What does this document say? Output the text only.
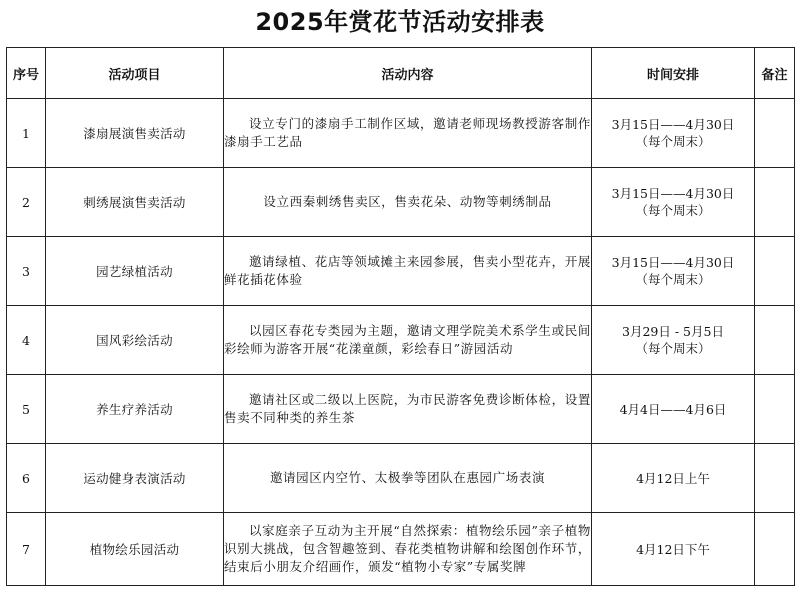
2025年赏花节活动安排表
序号	活动项目	活动内容	时间安排	备注
1	漆扇展演售卖活动	设立专门的漆扇手工制作区域，邀请老师现场教授游客制作漆扇手工艺品	3月15日——4月30日
（每个周末）	

2	刺绣展演售卖活动	设立西秦刺绣售卖区，售卖花朵、动物等刺绣制品	3月15日——4月30日
（每个周末）	

3	园艺绿植活动	邀请绿植、花店等领域摊主来园参展，售卖小型花卉，开展鲜花插花体验	3月15日——4月30日
（每个周末）	

4	国风彩绘活动	以园区春花专类园为主题，邀请文理学院美术系学生或民间彩绘师为游客开展“花漾童颜，彩绘春日”游园活动	3月29日 - 5月5日
（每个周末）	

5	养生疗养活动	邀请社区或二级以上医院，为市民游客免费诊断体检，设置售卖不同种类的养生茶	4月4日——4月6日	

6	运动健身表演活动	邀请园区内空竹、太极拳等团队在惠园广场表演	4月12日上午	

7	植物绘乐园活动	以家庭亲子互动为主开展“自然探索：植物绘乐园”亲子植物识别大挑战，包含智趣签到、春花类植物讲解和绘图创作环节，结束后小朋友介绍画作，颁发“植物小专家”专属奖牌	4月12日下午	
